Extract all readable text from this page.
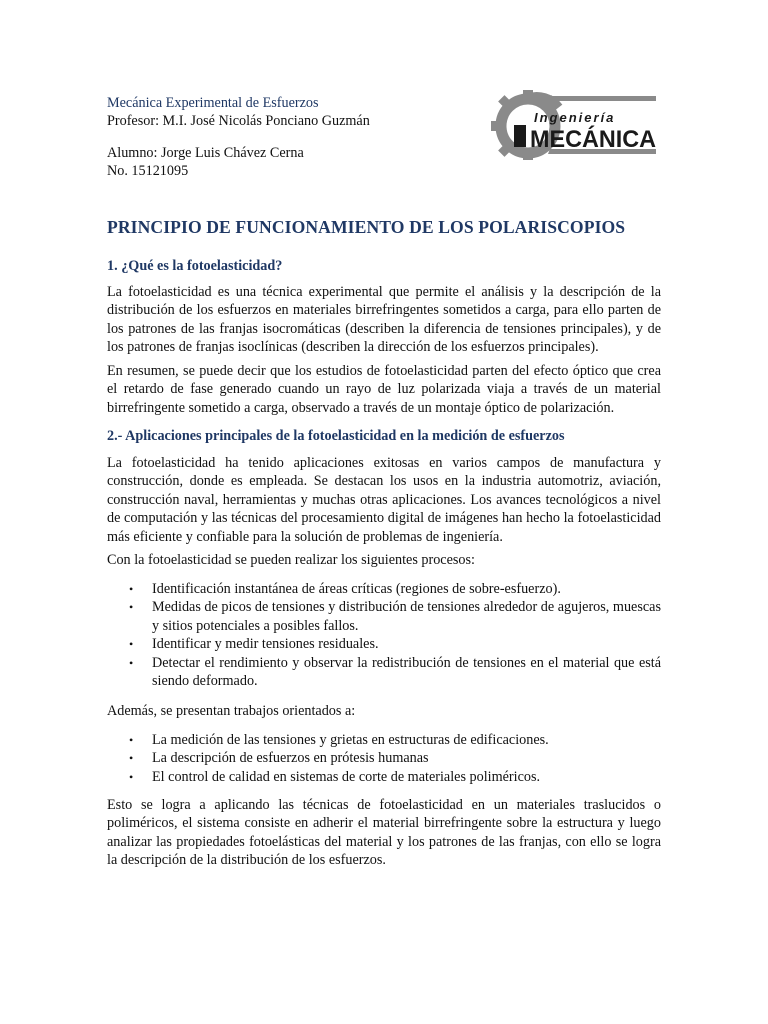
Mecánica Experimental de Esfuerzos
Profesor: M.I. José Nicolás Ponciano Guzmán
Alumno: Jorge Luis Chávez Cerna
No. 15121095
Ingeniería
MECÁNICA
PRINCIPIO DE FUNCIONAMIENTO DE LOS POLARISCOPIOS
1. ¿Qué es la fotoelasticidad?

La fotoelasticidad es una técnica experimental que permite el análisis y la descripción de la distribución de los esfuerzos en materiales birrefringentes sometidos a carga, para ello parten de los patrones de las franjas isocromáticas (describen la diferencia de tensiones principales), y de los patrones de franjas isoclínicas (describen la dirección de los esfuerzos principales).

En resumen, se puede decir que los estudios de fotoelasticidad parten del efecto óptico que crea el retardo de fase generado cuando un rayo de luz polarizada viaja a través de un material birrefringente sometido a carga, observado a través de un montaje óptico de polarización.

2.- Aplicaciones principales de la fotoelasticidad en la medición de esfuerzos

La fotoelasticidad ha tenido aplicaciones exitosas en varios campos de manufactura y construcción, donde es empleada. Se destacan los usos en la industria automotriz, aviación, construcción naval, herramientas y muchas otras aplicaciones. Los avances tecnológicos a nivel de computación y las técnicas del procesamiento digital de imágenes han hecho la fotoelasticidad más eficiente y confiable para la solución de problemas de ingeniería.

Con la fotoelasticidad se pueden realizar los siguientes procesos:

• Identificación instantánea de áreas críticas (regiones de sobre-esfuerzo).
• Medidas de picos de tensiones y distribución de tensiones alrededor de agujeros, muescas y sitios potenciales a posibles fallos.
• Identificar y medir tensiones residuales.
• Detectar el rendimiento y observar la redistribución de tensiones en el material que está siendo deformado.

Además, se presentan trabajos orientados a:

• La medición de las tensiones y grietas en estructuras de edificaciones.
• La descripción de esfuerzos en prótesis humanas
• El control de calidad en sistemas de corte de materiales poliméricos.

Esto se logra a aplicando las técnicas de fotoelasticidad en un materiales traslucidos o poliméricos, el sistema consiste en adherir el material birrefringente sobre la estructura y luego analizar las propiedades fotoelásticas del material y los patrones de las franjas, con ello se logra la descripción de la distribución de los esfuerzos.
